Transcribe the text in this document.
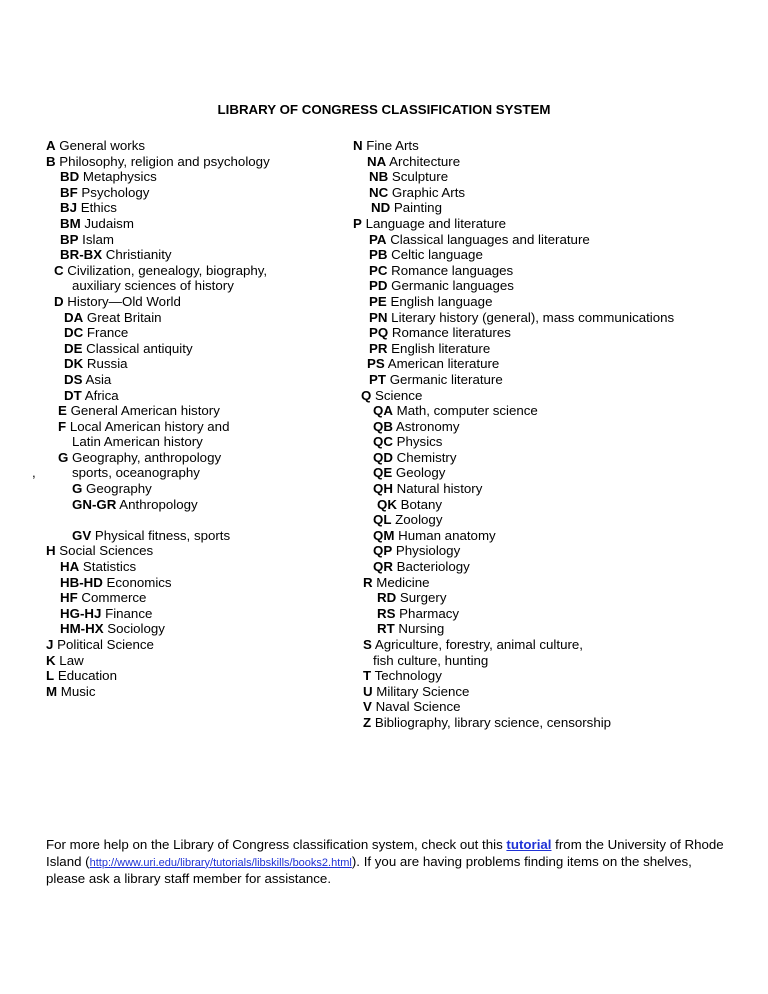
LIBRARY OF CONGRESS CLASSIFICATION SYSTEM
A General works
B Philosophy, religion and psychology
BD Metaphysics
BF Psychology
BJ Ethics
BM Judaism
BP Islam
BR-BX Christianity
C Civilization, genealogy, biography,
auxiliary sciences of history
D History—Old World
DA Great Britain
DC France
DE Classical antiquity
DK Russia
DS Asia
DT Africa
E General American history
F Local American history and
Latin American history
G Geography, anthropology
,	sports, oceanography
G Geography
GN-GR Anthropology
GV Physical fitness, sports
H Social Sciences
HA Statistics
HB-HD Economics
HF Commerce
HG-HJ Finance
HM-HX Sociology
J Political Science
K Law
L Education
M Music
N Fine Arts
NA Architecture
NB Sculpture
NC Graphic Arts
ND Painting
P Language and literature
PA Classical languages and literature
PB Celtic language
PC Romance languages
PD Germanic languages
PE English language
PN Literary history (general), mass communications
PQ Romance literatures
PR English literature
PS American literature
PT Germanic literature
Q Science
QA Math, computer science
QB Astronomy
QC Physics
QD Chemistry
QE Geology
QH Natural history
QK Botany
QL Zoology
QM Human anatomy
QP Physiology
QR Bacteriology
R Medicine
RD Surgery
RS Pharmacy
RT Nursing
S Agriculture, forestry, animal culture,
fish culture, hunting
T Technology
U Military Science
V Naval Science
Z Bibliography, library science, censorship
For more help on the Library of Congress classification system, check out this tutorial from the University of Rhode Island (http://www.uri.edu/library/tutorials/libskills/books2.html). If you are having problems finding items on the shelves, please ask a library staff member for assistance.
